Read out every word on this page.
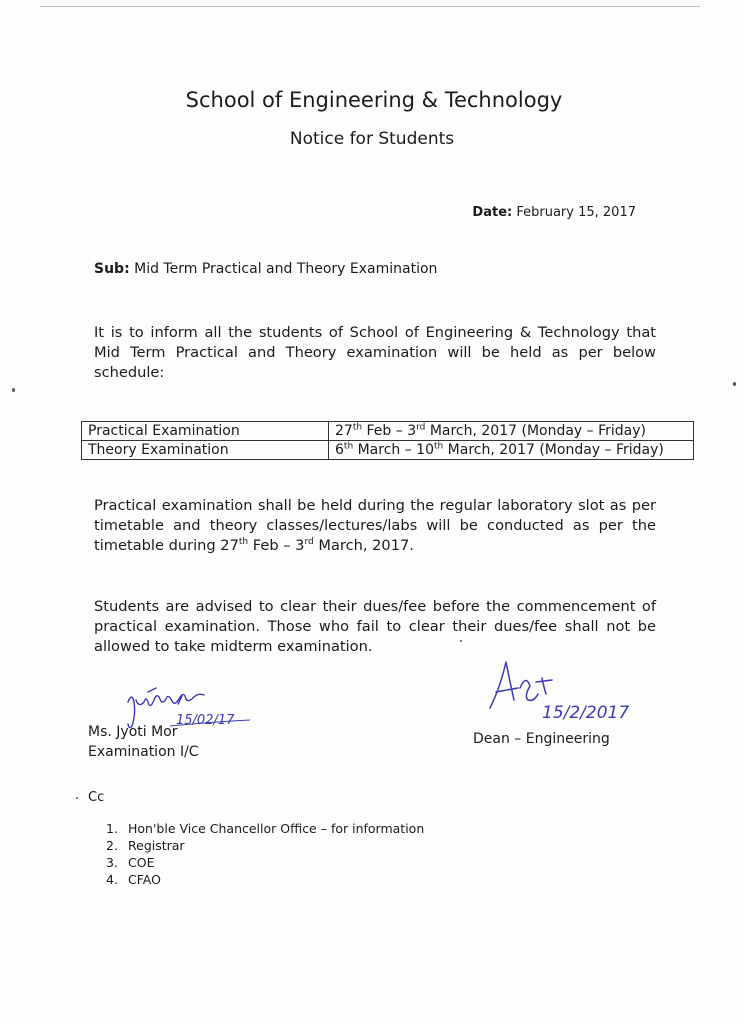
School of Engineering & Technology
Notice for Students
Date: February 15, 2017
Sub: Mid Term Practical and Theory Examination
It is to inform all the students of School of Engineering & Technology that Mid Term Practical and Theory examination will be held as per below schedule:
Practical Examination	27th Feb – 3rd March, 2017 (Monday – Friday)
Theory Examination	6th March – 10th March, 2017 (Monday – Friday)
Practical examination shall be held during the regular laboratory slot as per timetable and theory classes/lectures/labs will be conducted as per the timetable during 27th Feb – 3rd March, 2017.
Students are advised to clear their dues/fee before the commencement of practical examination. Those who fail to clear their dues/fee shall not be allowed to take midterm examination.
15/02/17
Ms. Jyoti Mor
Examination I/C
15/2/2017
Dean – Engineering
Cc
1. Hon'ble Vice Chancellor Office – for information
2. Registrar
3. COE
4. CFAO
